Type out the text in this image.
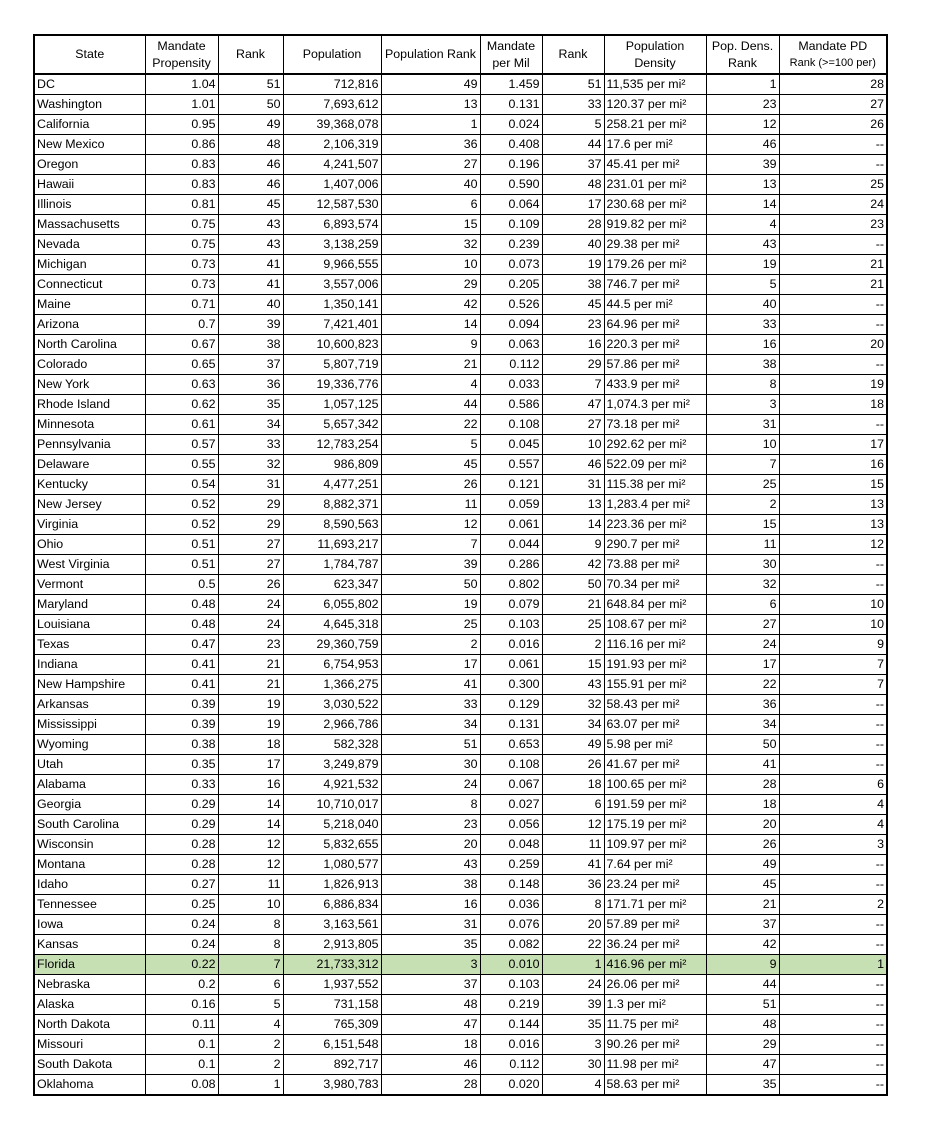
State	Mandate Propensity	Rank	Population	Population Rank	Mandate per Mil	Rank	Population Density	Pop. Dens. Rank	Mandate PD
Rank (>=100 per)
DC	1.04	51	712,816	49	1.459	51	11,535 per mi²	1	28
Washington	1.01	50	7,693,612	13	0.131	33	120.37 per mi²	23	27
California	0.95	49	39,368,078	1	0.024	5	258.21 per mi²	12	26
New Mexico	0.86	48	2,106,319	36	0.408	44	17.6 per mi²	46	--
Oregon	0.83	46	4,241,507	27	0.196	37	45.41 per mi²	39	--
Hawaii	0.83	46	1,407,006	40	0.590	48	231.01 per mi²	13	25
Illinois	0.81	45	12,587,530	6	0.064	17	230.68 per mi²	14	24
Massachusetts	0.75	43	6,893,574	15	0.109	28	919.82 per mi²	4	23
Nevada	0.75	43	3,138,259	32	0.239	40	29.38 per mi²	43	--
Michigan	0.73	41	9,966,555	10	0.073	19	179.26 per mi²	19	21
Connecticut	0.73	41	3,557,006	29	0.205	38	746.7 per mi²	5	21
Maine	0.71	40	1,350,141	42	0.526	45	44.5 per mi²	40	--
Arizona	0.7	39	7,421,401	14	0.094	23	64.96 per mi²	33	--
North Carolina	0.67	38	10,600,823	9	0.063	16	220.3 per mi²	16	20
Colorado	0.65	37	5,807,719	21	0.112	29	57.86 per mi²	38	--
New York	0.63	36	19,336,776	4	0.033	7	433.9 per mi²	8	19
Rhode Island	0.62	35	1,057,125	44	0.586	47	1,074.3 per mi²	3	18
Minnesota	0.61	34	5,657,342	22	0.108	27	73.18 per mi²	31	--
Pennsylvania	0.57	33	12,783,254	5	0.045	10	292.62 per mi²	10	17
Delaware	0.55	32	986,809	45	0.557	46	522.09 per mi²	7	16
Kentucky	0.54	31	4,477,251	26	0.121	31	115.38 per mi²	25	15
New Jersey	0.52	29	8,882,371	11	0.059	13	1,283.4 per mi²	2	13
Virginia	0.52	29	8,590,563	12	0.061	14	223.36 per mi²	15	13
Ohio	0.51	27	11,693,217	7	0.044	9	290.7 per mi²	11	12
West Virginia	0.51	27	1,784,787	39	0.286	42	73.88 per mi²	30	--
Vermont	0.5	26	623,347	50	0.802	50	70.34 per mi²	32	--
Maryland	0.48	24	6,055,802	19	0.079	21	648.84 per mi²	6	10
Louisiana	0.48	24	4,645,318	25	0.103	25	108.67 per mi²	27	10
Texas	0.47	23	29,360,759	2	0.016	2	116.16 per mi²	24	9
Indiana	0.41	21	6,754,953	17	0.061	15	191.93 per mi²	17	7
New Hampshire	0.41	21	1,366,275	41	0.300	43	155.91 per mi²	22	7
Arkansas	0.39	19	3,030,522	33	0.129	32	58.43 per mi²	36	--
Mississippi	0.39	19	2,966,786	34	0.131	34	63.07 per mi²	34	--
Wyoming	0.38	18	582,328	51	0.653	49	5.98 per mi²	50	--
Utah	0.35	17	3,249,879	30	0.108	26	41.67 per mi²	41	--
Alabama	0.33	16	4,921,532	24	0.067	18	100.65 per mi²	28	6
Georgia	0.29	14	10,710,017	8	0.027	6	191.59 per mi²	18	4
South Carolina	0.29	14	5,218,040	23	0.056	12	175.19 per mi²	20	4
Wisconsin	0.28	12	5,832,655	20	0.048	11	109.97 per mi²	26	3
Montana	0.28	12	1,080,577	43	0.259	41	7.64 per mi²	49	--
Idaho	0.27	11	1,826,913	38	0.148	36	23.24 per mi²	45	--
Tennessee	0.25	10	6,886,834	16	0.036	8	171.71 per mi²	21	2
Iowa	0.24	8	3,163,561	31	0.076	20	57.89 per mi²	37	--
Kansas	0.24	8	2,913,805	35	0.082	22	36.24 per mi²	42	--
Florida	0.22	7	21,733,312	3	0.010	1	416.96 per mi²	9	1
Nebraska	0.2	6	1,937,552	37	0.103	24	26.06 per mi²	44	--
Alaska	0.16	5	731,158	48	0.219	39	1.3 per mi²	51	--
North Dakota	0.11	4	765,309	47	0.144	35	11.75 per mi²	48	--
Missouri	0.1	2	6,151,548	18	0.016	3	90.26 per mi²	29	--
South Dakota	0.1	2	892,717	46	0.112	30	11.98 per mi²	47	--
Oklahoma	0.08	1	3,980,783	28	0.020	4	58.63 per mi²	35	--
